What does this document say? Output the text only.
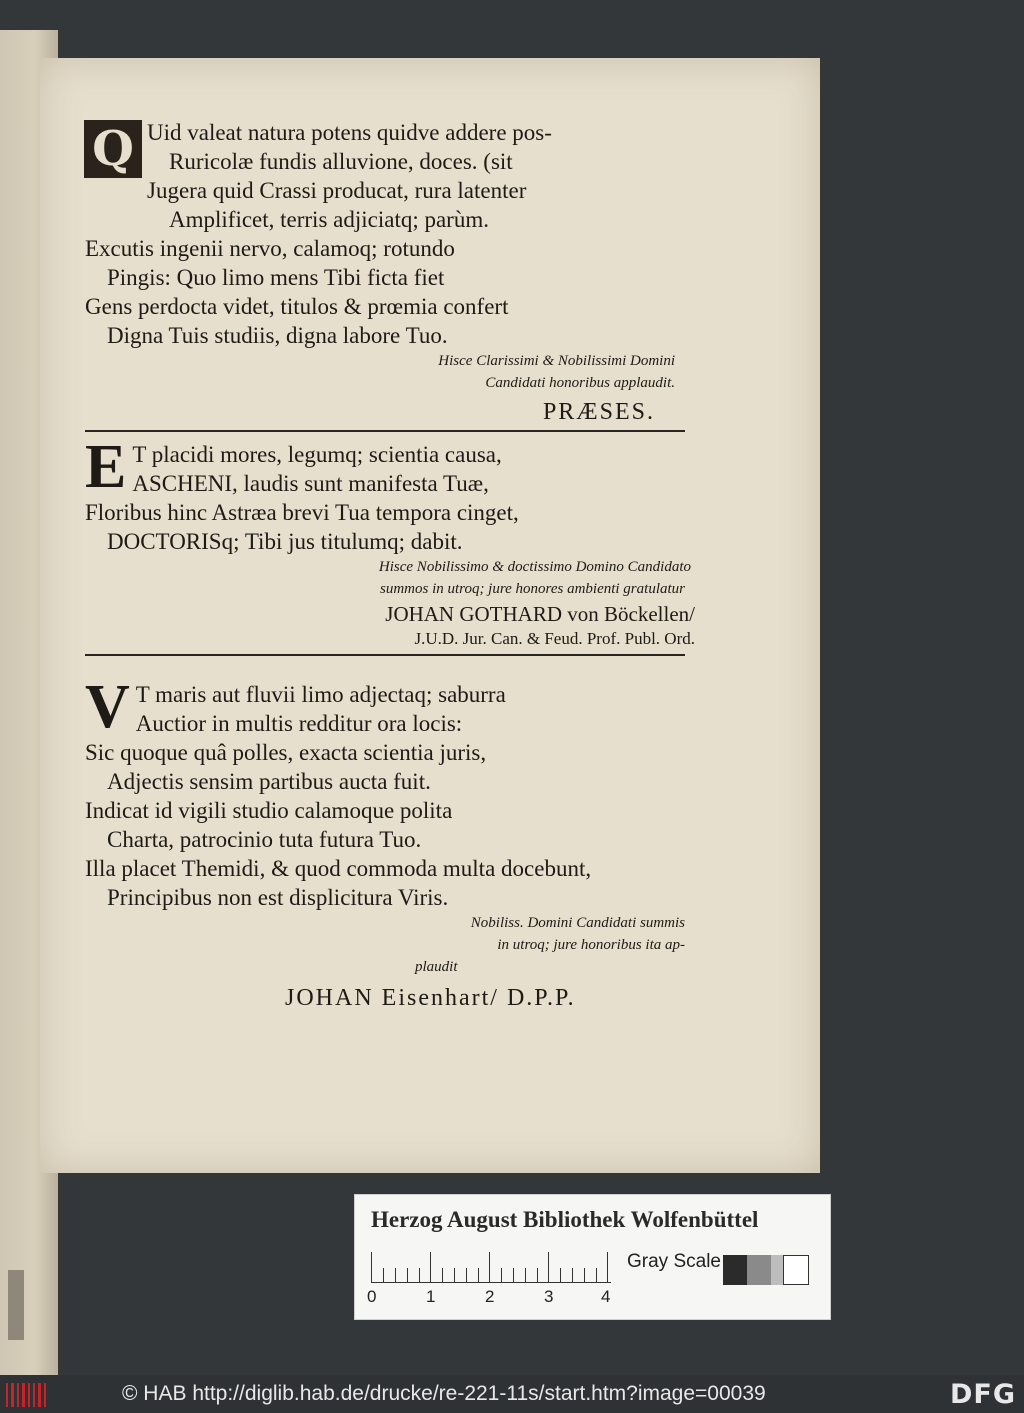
Q Uid valeat natura potens quidve addere pos-
Ruricolæ fundis alluvione, doces. (sit
Jugera quid Crassi producat, rura latenter
Amplificet, terris adjiciatq; parùm.
Excutis ingenii nervo, calamoq; rotundo
Pingis: Quo limo mens Tibi ficta fiet
Gens perdocta videt, titulos & prœmia confert
Digna Tuis studiis, digna labore Tuo.
Hisce Clarissimi & Nobilissimi Domini
Candidati honoribus applaudit.
PRÆSES.
E T placidi mores, legumq; scientia causa,
ASCHENI, laudis sunt manifesta Tuæ,
Floribus hinc Astræa brevi Tua tempora cinget,
DOCTORISq; Tibi jus titulumq; dabit.
Hisce Nobilissimo & doctissimo Domino Candidato
summos in utroq; jure honores ambienti gratulatur
JOHAN GOTHARD von Böckellen/
J.U.D. Jur. Can. & Feud. Prof. Publ. Ord.
V T maris aut fluvii limo adjectaq; saburra
Auctior in multis redditur ora locis:
Sic quoque quâ polles, exacta scientia juris,
Adjectis sensim partibus aucta fuit.
Indicat id vigili studio calamoque polita
Charta, patrocinio tuta futura Tuo.
Illa placet Themidi, & quod commoda multa docebunt,
Principibus non est displicitura Viris.
Nobiliss. Domini Candidati summis
in utroq; jure honoribus ita ap-
plaudit
JOHAN Eisenhart/ D.P.P.
Herzog August Bibliothek Wolfenbüttel
0	1	2	3	4
Gray Scale
© HAB http://diglib.hab.de/drucke/re-221-11s/start.htm?image=00039	DFG
